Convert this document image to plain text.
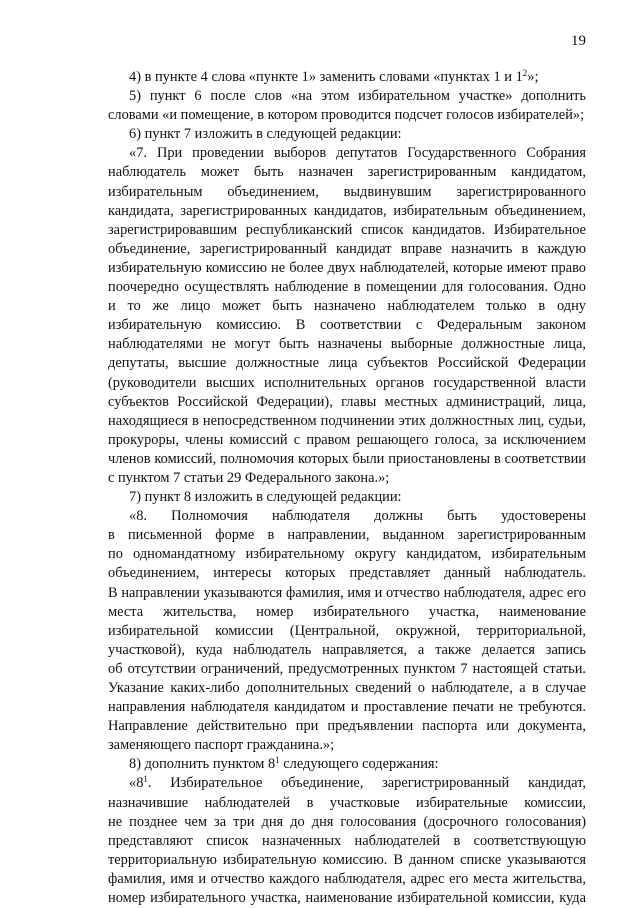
19
4) в пункте 4 слова «пункте 1» заменить словами «пунктах 1 и $1^2$»;
5) пункт 6 после слов «на этом избирательном участке» дополнить
словами «и помещение, в котором проводится подсчет голосов избирателей»;
6) пункт 7 изложить в следующей редакции:
«7. При проведении выборов депутатов Государственного Собрания
наблюдатель может быть назначен зарегистрированным кандидатом,
избирательным объединением, выдвинувшим зарегистрированного
кандидата, зарегистрированных кандидатов, избирательным объединением,
зарегистрировавшим республиканский список кандидатов. Избирательное
объединение, зарегистрированный кандидат вправе назначить в каждую
избирательную комиссию не более двух наблюдателей, которые имеют право
поочередно осуществлять наблюдение в помещении для голосования. Одно
и то же лицо может быть назначено наблюдателем только в одну
избирательную комиссию. В соответствии с Федеральным законом
наблюдателями не могут быть назначены выборные должностные лица,
депутаты, высшие должностные лица субъектов Российской Федерации
(руководители высших исполнительных органов государственной власти
субъектов Российской Федерации), главы местных администраций, лица,
находящиеся в непосредственном подчинении этих должностных лиц, судьи,
прокуроры, члены комиссий с правом решающего голоса, за исключением
членов комиссий, полномочия которых были приостановлены в соответствии
с пунктом 7 статьи 29 Федерального закона.»;
7) пункт 8 изложить в следующей редакции:
«8. Полномочия наблюдателя должны быть удостоверены
в письменной форме в направлении, выданном зарегистрированным
по одномандатному избирательному округу кандидатом, избирательным
объединением, интересы которых представляет данный наблюдатель.
В направлении указываются фамилия, имя и отчество наблюдателя, адрес его
места жительства, номер избирательного участка, наименование
избирательной комиссии (Центральной, окружной, территориальной,
участковой), куда наблюдатель направляется, а также делается запись
об отсутствии ограничений, предусмотренных пунктом 7 настоящей статьи.
Указание каких-либо дополнительных сведений о наблюдателе, а в случае
направления наблюдателя кандидатом и проставление печати не требуются.
Направление действительно при предъявлении паспорта или документа,
заменяющего паспорт гражданина.»;
8) дополнить пунктом $8^1$ следующего содержания:
«$8^1$. Избирательное объединение, зарегистрированный кандидат,
назначившие наблюдателей в участковые избирательные комиссии,
не позднее чем за три дня до дня голосования (досрочного голосования)
представляют список назначенных наблюдателей в соответствующую
территориальную избирательную комиссию. В данном списке указываются
фамилия, имя и отчество каждого наблюдателя, адрес его места жительства,
номер избирательного участка, наименование избирательной комиссии, куда
